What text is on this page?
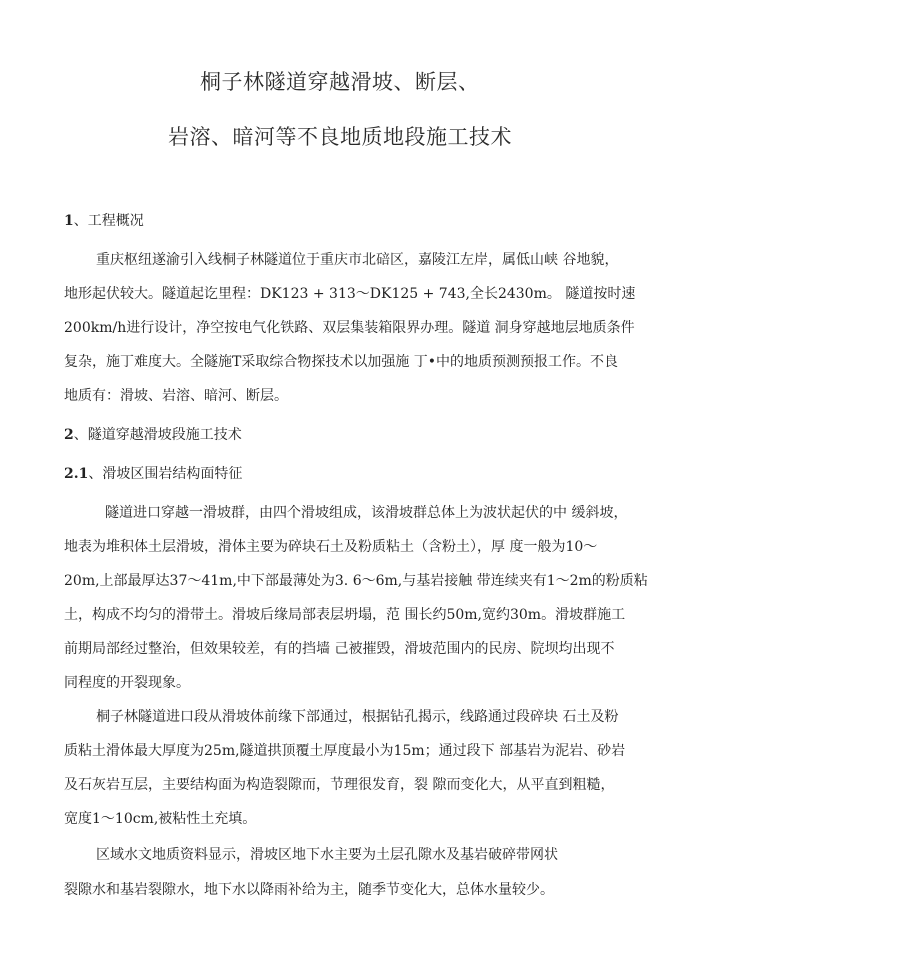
桐子林隧道穿越滑坡、断层、
岩溶、暗河等不良地质地段施工技术
1、工程概况
重庆枢纽遂渝引入线桐子林隧道位于重庆市北碚区，嘉陵江左岸，属低山峡 谷地貌，
地形起伏较大。隧道起讫里程：DK123 + 313～DK125 + 743,全长2430m。 隧道按时速
200km/h进行设计，净空按电气化铁路、双层集装箱限界办理。隧道 洞身穿越地层地质条件
复杂，施丁难度大。全隧施T采取综合物探技术以加强施 丁•中的地质预测预报工作。不良
地质有：滑坡、岩溶、暗河、断层。
2、隧道穿越滑坡段施工技术
2.1、滑坡区围岩结构面特征
隧道进口穿越一滑坡群，由四个滑坡组成，该滑坡群总体上为波状起伏的中 缓斜坡，
地表为堆积体土层滑坡，滑体主要为碎块石土及粉质粘土（含粉土），厚 度一般为10～
20m,上部最厚达37～41m,中下部最薄处为3. 6～6m,与基岩接触 带连续夹有1～2m的粉质粘
土，构成不均匀的滑带土。滑坡后缘局部表层坍塌，范 围长约50m,宽约30m。滑坡群施工
前期局部经过整治，但效果较差，有的挡墙 己被摧毁，滑坡范围内的民房、院坝均出现不
同程度的开裂现象。
桐子林隧道进口段从滑坡体前缘下部通过，根据钻孔揭示，线路通过段碎块 石土及粉
质粘土滑体最大厚度为25m,隧道拱顶覆土厚度最小为15m；通过段下 部基岩为泥岩、砂岩
及石灰岩互层，主要结构面为构造裂隙而，节理很发育，裂 隙而变化大，从平直到粗糙，
宽度1～10cm,被粘性土充填。
区域水文地质资料显示，滑坡区地下水主要为土层孔隙水及基岩破碎带网状
裂隙水和基岩裂隙水，地下水以降雨补给为主，随季节变化大，总体水量较少。
